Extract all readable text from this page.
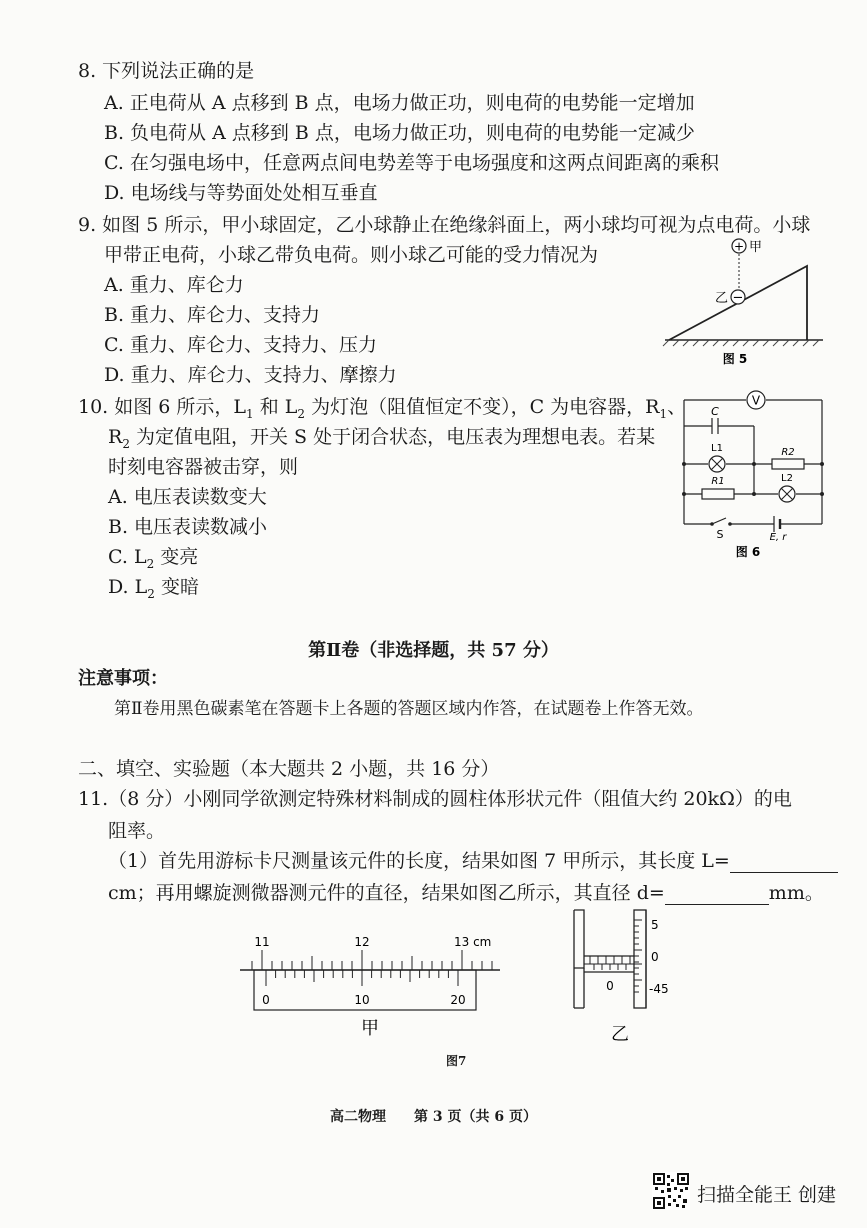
8. 下列说法正确的是
A. 正电荷从 A 点移到 B 点，电场力做正功，则电荷的电势能一定增加
B. 负电荷从 A 点移到 B 点，电场力做正功，则电荷的电势能一定减少
C. 在匀强电场中，任意两点间电势差等于电场强度和这两点间距离的乘积
D. 电场线与等势面处处相互垂直
9. 如图 5 所示，甲小球固定，乙小球静止在绝缘斜面上，两小球均可视为点电荷。小球
甲带正电荷，小球乙带负电荷。则小球乙可能的受力情况为
A. 重力、库仑力
B. 重力、库仑力、支持力
C. 重力、库仑力、支持力、压力
D. 重力、库仑力、支持力、摩擦力
+ 甲
−
乙
图 5
10. 如图 6 所示，$L_1$ 和 $L_2$ 为灯泡（阻值恒定不变），C 为电容器，$R_1$、
$R_2$ 为定值电阻，开关 S 处于闭合状态，电压表为理想电表。若某
时刻电容器被击穿，则
A. 电压表读数变大
B. 电压表读数减小
C. $L_2$ 变亮
D. $L_2$ 变暗
V
C
L1	R2
R1	L2
S	E, r
图 6
第Ⅱ卷（非选择题，共 57 分）
注意事项：
第Ⅱ卷用黑色碳素笔在答题卡上各题的答题区域内作答，在试题卷上作答无效。
二、填空、实验题（本大题共 2 小题，共 16 分）
11.（8 分）小刚同学欲测定特殊材料制成的圆柱体形状元件（阻值大约 20kΩ）的电
阻率。
（1）首先用游标卡尺测量该元件的长度，结果如图 7 甲所示，其长度 L=
cm；再用螺旋测微器测元件的直径，结果如图乙所示，其直径 d=	mm。
11	12	13 cm
0	10	20
甲
5
0
-45
0
乙
图7
高二物理　　第 3 页（共 6 页）
扫描全能王 创建
